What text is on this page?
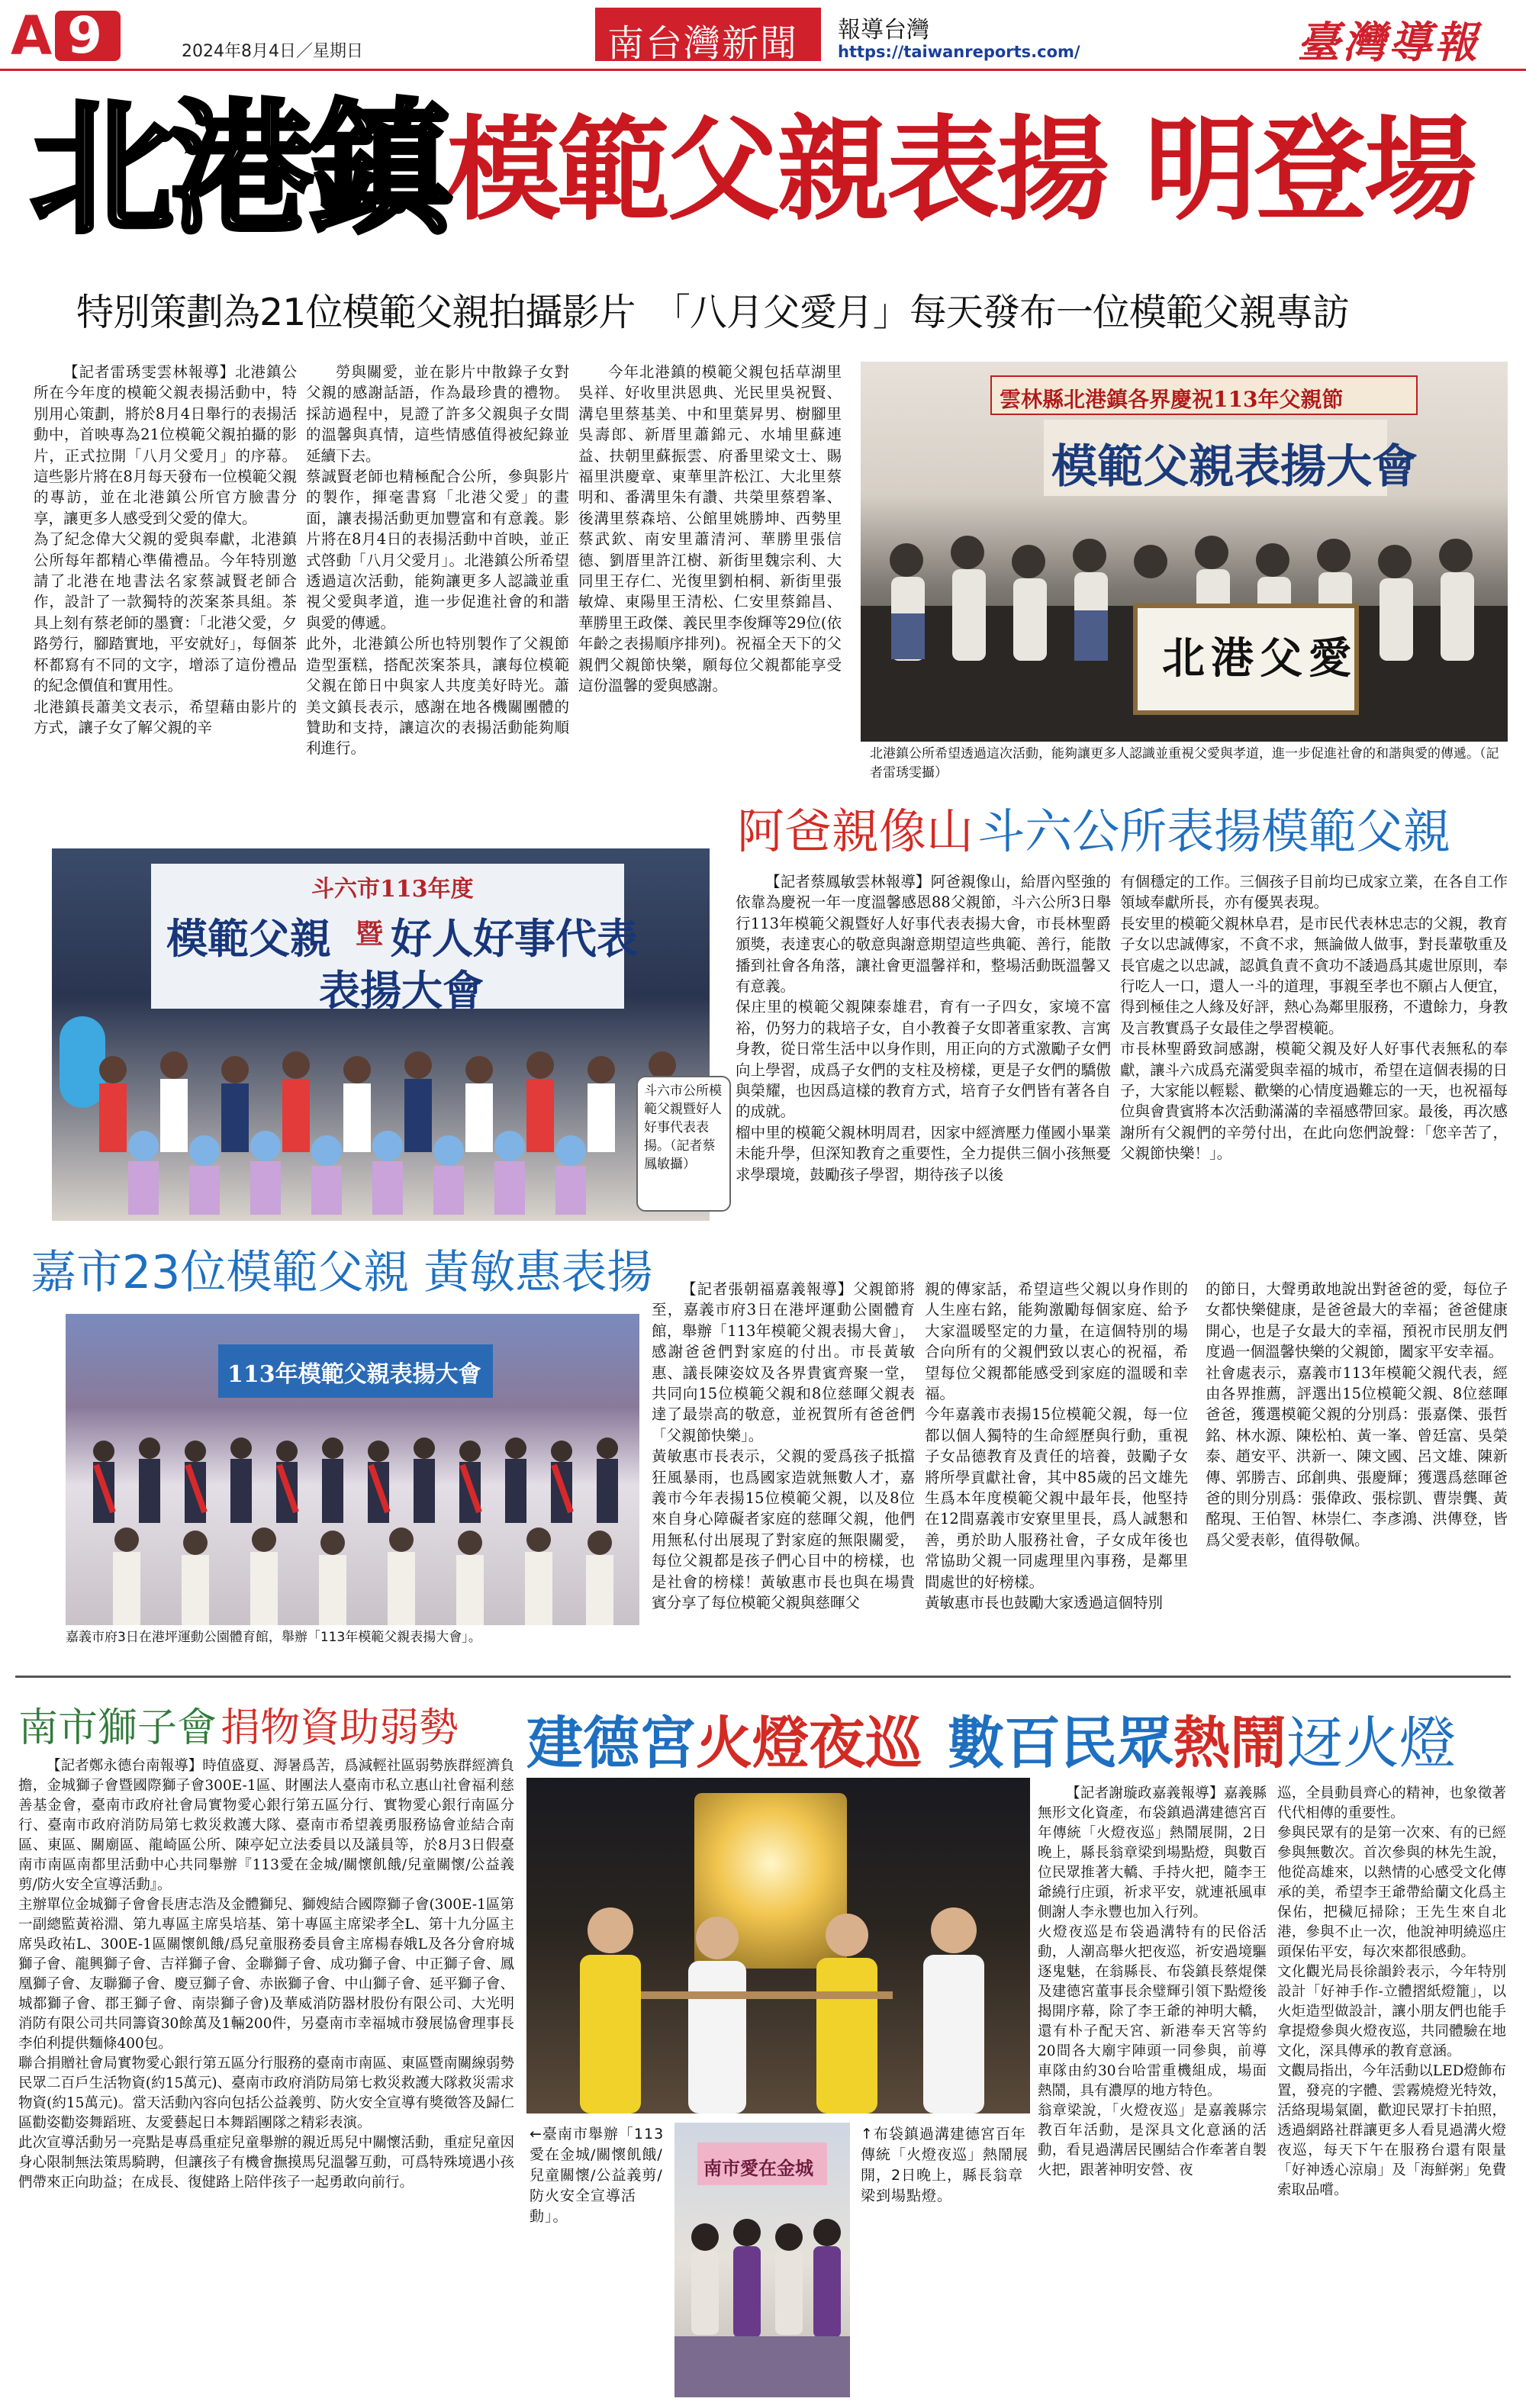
A 9	2024年8月4日／星期日	南台灣新聞 報導台灣
https://taiwanreports.com/	臺灣導報
北港鎮模範父親表揚 明登場
特別策劃為21位模範父親拍攝影片　「八月父愛月」每天發布一位模範父親專訪
【記者雷琇雯雲林報導】北港鎮公所在今年度的模範父親表揚活動中，特別用心策劃，將於8月4日舉行的表揚活動中，首映專為21位模範父親拍攝的影片，正式拉開「八月父愛月」的序幕。這些影片將在8月每天發布一位模範父親的專訪，並在北港鎮公所官方臉書分享，讓更多人感受到父愛的偉大。
為了紀念偉大父親的愛與奉獻，北港鎮公所每年都精心準備禮品。今年特別邀請了北港在地書法名家蔡誠賢老師合作，設計了一款獨特的茨案茶具組。茶具上刻有蔡老師的墨寶：「北港父愛，夕路勞行，腳踏實地，平安就好」，每個茶杯都寫有不同的文字，增添了這份禮品的紀念價值和實用性。
北港鎮長蕭美文表示，希望藉由影片的方式，讓子女了解父親的辛
勞與關愛，並在影片中散錄子女對父親的感謝話語，作為最珍貴的禮物。採訪過程中，見證了許多父親與子女間的溫馨與真情，這些情感值得被紀錄並延續下去。
蔡誠賢老師也精極配合公所，參與影片的製作，揮毫書寫「北港父愛」的畫面，讓表揚活動更加豐富和有意義。影片將在8月4日的表揚活動中首映，並正式啓動「八月父愛月」。北港鎮公所希望透過這次活動，能夠讓更多人認識並重視父愛與孝道，進一步促進社會的和諧與愛的傳遞。
此外，北港鎮公所也特別製作了父親節造型蛋糕，搭配茨案茶具，讓每位模範父親在節日中與家人共度美好時光。蕭美文鎮長表示，感謝在地各機關團體的贊助和支持，讓這次的表揚活動能夠順利進行。
今年北港鎮的模範父親包括草湖里吳祥、好收里洪恩典、光民里吳祝賢、溝皂里蔡基美、中和里葉昇男、樹腳里吳壽郎、新厝里蕭錦元、水埔里蘇連益、扶朝里蘇振雲、府番里梁文士、賜福里洪慶章、東華里許松江、大北里蔡明和、番溝里朱有讚、共榮里蔡碧峯、後溝里蔡森培、公館里姚勝坤、西勢里蔡武欽、南安里蕭清河、華勝里張信德、劉厝里許江樹、新街里魏宗利、大同里王存仁、光復里劉柏桐、新街里張敏煒、東陽里王清松、仁安里蔡錦昌、華勝里王政傑、義民里李俊輝等29位(依年齡之表揚順序排列)。祝福全天下的父親們父親節快樂，願每位父親都能享受這份溫馨的愛與感謝。
雲林縣北港鎮各界慶祝113年父親節
模範父親表揚大會
北港父愛
北港鎮公所希望透過這次活動，能夠讓更多人認識並重視父愛與孝道，進一步促進社會的和諧與愛的傳遞。（記者雷琇雯攝）
阿爸親像山 斗六公所表揚模範父親
斗六市113年度
模範父親 暨 好人好事代表
表揚大會
斗六市公所模範父親暨好人好事代表表揚。（記者蔡鳳敏攝）
【記者蔡鳳敏雲林報導】阿爸親像山，給厝內堅強的依靠為慶祝一年一度溫馨感恩88父親節，斗六公所3日舉行113年模範父親暨好人好事代表表揚大會，市長林聖爵頒獎，表達衷心的敬意與謝意期望這些典範、善行，能散播到社會各角落，讓社會更溫馨祥和，整場活動既溫馨又有意義。
保庄里的模範父親陳泰雄君，育有一子四女，家境不富裕，仍努力的栽培子女，自小教養子女即著重家教、言寓身教，從日常生活中以身作則，用正向的方式激勵子女們向上學習，成爲子女們的支柱及榜樣，更是子女們的驕傲與榮耀，也因爲這樣的教育方式，培育子女們皆有著各自的成就。
榴中里的模範父親林明周君，因家中經濟壓力僅國小畢業未能升學，但深知教育之重要性，全力提供三個小孩無憂求學環境，鼓勵孩子學習，期待孩子以後
有個穩定的工作。三個孩子目前均已成家立業，在各自工作領域奉獻所長，亦有優異表現。
長安里的模範父親林阜君，是市民代表林忠志的父親，教育子女以忠誠傳家，不貪不求，無論做人做事，對長輩敬重及長官處之以忠誠，認眞負責不貪功不諉過爲其處世原則，奉行吃人一口，還人一斗的道理，事親至孝也不願占人便宜，得到極佳之人緣及好評，熱心為鄰里服務，不遺餘力，身教及言教實爲子女最佳之學習模範。
市長林聖爵致詞感謝，模範父親及好人好事代表無私的奉獻，讓斗六成爲充滿愛與幸福的城市，希望在這個表揚的日子，大家能以輕鬆、歡樂的心情度過難忘的一天，也祝福每位與會貴賓將本次活動滿滿的幸福感帶回家。最後，再次感謝所有父親們的辛勞付出，在此向您們說聲：「您辛苦了，父親節快樂！」。
嘉市23位模範父親 黃敏惠表揚
113年模範父親表揚大會
嘉義市府3日在港坪運動公園體育館，舉辦「113年模範父親表揚大會」。
【記者張朝福嘉義報導】父親節將至，嘉義市府3日在港坪運動公園體育館，舉辦「113年模範父親表揚大會」，感謝爸爸們對家庭的付出。市長黃敏惠、議長陳姿妏及各界貴賓齊聚一堂，共同向15位模範父親和8位慈暉父親表達了最崇高的敬意，並祝賀所有爸爸們「父親節快樂」。
黃敏惠市長表示，父親的愛爲孩子抵擋狂風暴雨，也爲國家造就無數人才，嘉義市今年表揚15位模範父親，以及8位來自身心障礙者家庭的慈暉父親，他們用無私付出展現了對家庭的無限關愛，每位父親都是孩子們心目中的榜樣，也是社會的榜樣！黃敏惠市長也與在場貴賓分享了每位模範父親與慈暉父
親的傳家話，希望這些父親以身作則的人生座右銘，能夠激勵每個家庭、給予大家溫暖堅定的力量，在這個特別的場合向所有的父親們致以衷心的祝福，希望每位父親都能感受到家庭的溫暖和幸福。
今年嘉義市表揚15位模範父親，每一位都以個人獨特的生命經歷與行動，重視子女品德教育及責任的培養，鼓勵子女將所學貢獻社會，其中85歲的呂文雄先生爲本年度模範父親中最年長，他堅持在12間嘉義市安寮里里長，爲人誠懇和善，勇於助人服務社會，子女成年後也常協助父親一同處理里內事務，是鄰里間處世的好榜樣。
黃敏惠市長也鼓勵大家透過這個特別
的節日，大聲勇敢地說出對爸爸的愛，每位子女都快樂健康，是爸爸最大的幸福；爸爸健康開心，也是子女最大的幸福，預祝市民朋友們度過一個溫馨快樂的父親節，闔家平安幸福。
社會處表示，嘉義市113年模範父親代表，經由各界推薦，評選出15位模範父親、8位慈暉爸爸，獲選模範父親的分別爲：張嘉傑、張哲銘、林水源、陳松柏、黃一峯、曾廷富、吳榮泰、趙安平、洪新一、陳文國、呂文雄、陳新傳、郭勝吉、邱創典、張慶輝；獲選爲慈暉爸爸的則分別爲：張偉政、張棕凱、曹崇龔、黃酩現、王伯智、林崇仁、李彥鴻、洪傳登，皆爲父愛表彰，值得敬佩。
南市獅子會 捐物資助弱勢
【記者鄭永德台南報導】時值盛夏、溽暑爲苦，爲減輕社區弱勢族群經濟負擔，金城獅子會暨國際獅子會300E-1區、財團法人臺南市私立惠山社會福利慈善基金會，臺南市政府社會局實物愛心銀行第五區分行、實物愛心銀行南區分行、臺南市政府消防局第七救災救護大隊、臺南市希望義勇服務協會並結合南區、東區、關廟區、龍崎區公所、陳亭妃立法委員以及議員等，於8月3日假臺南市南區南都里活動中心共同舉辦『113愛在金城/關懷飢餓/兒童關懷/公益義剪/防火安全宣導活動』。
主辦單位金城獅子會會長唐志浩及金體獅兒、獅嫂結合國際獅子會(300E-1區第一副總監黃裕淵、第九專區主席吳培基、第十專區主席梁孝全L、第十九分區主席吳政祐L、300E-1區關懷飢餓/爲兒童服務委員會主席楊春娥L及各分會府城獅子會、龍興獅子會、吉祥獅子會、金聯獅子會、成功獅子會、中正獅子會、鳳凰獅子會、友聯獅子會、慶豆獅子會、赤嵌獅子會、中山獅子會、延平獅子會、城都獅子會、郡王獅子會、南崇獅子會)及華威消防器材股份有限公司、大光明消防有限公司共同籌資30餘萬及1輛200件，另臺南市幸福城市發展協會理事長李伯利提供麵條400包。
聯合捐贈社會局實物愛心銀行第五區分行服務的臺南市南區、東區暨南關線弱勢民眾二百戶生活物資(約15萬元)、臺南市政府消防局第七救災救護大隊救災需求物資(約15萬元)。當天活動內容向包括公益義剪、防火安全宣導有獎徵答及歸仁區勸姿勸姿舞蹈班、友愛藝起日本舞蹈團隊之精彩表演。
此次宣導活動另一亮點是專爲重症兒童舉辦的親近馬兒中關懷活動，重症兒童因身心限制無法策馬騎聘，但讓孩子有機會撫摸馬兒溫馨互動，可爲特殊境遇小孩們帶來正向助益；在成長、復健路上陪伴孩子一起勇敢向前行。
建德宮火燈夜巡 數百民眾熱鬧迓火燈
南市愛在金城
←臺南市舉辦「113愛在金城/關懷飢餓/兒童關懷/公益義剪/防火安全宣導活動」。
↑布袋鎮過溝建德宮百年傳統「火燈夜巡」熱鬧展開，2日晚上，縣長翁章梁到場點燈。
【記者謝璇政嘉義報導】嘉義縣無形文化資產，布袋鎮過溝建德宮百年傳統「火燈夜巡」熱鬧展開，2日晚上，縣長翁章梁到場點燈，與數百位民眾推著大轎、手持火把，隨李王爺繞行庄頭，祈求平安，就連祇風車側謝人李永豐也加入行列。
火燈夜巡是布袋過溝特有的民俗活動，人潮高舉火把夜巡，祈安過境驅逐鬼魅，在翁縣長、布袋鎮長蔡焜傑及建德宮董事長余璧輝引領下點燈後揭開序幕，除了李王爺的神明大轎，還有朴子配天宮、新港奉天宮等約20間各大廟宇陣頭一同參與，前導車隊由約30台哈雷重機組成，場面熱鬧，具有濃厚的地方特色。
翁章梁說，「火燈夜巡」是嘉義縣宗教百年活動，是深具文化意涵的活動，看見過溝居民團結合作牽著自製火把，跟著神明安營、夜
巡，全員動員齊心的精神，也象徵著代代相傳的重要性。
參與民眾有的是第一次來、有的已經參與無數次。首次參與的林先生說，他從高雄來，以熱情的心感受文化傳承的美，希望李王爺帶給蘭文化爲主保佑，把穢厄掃除；王先生來自北港，參與不止一次，他說神明繞巡庄頭保佑平安，每次來都很感動。
文化觀光局長徐韻鈴表示，今年特別設計「好神手作-立體摺紙燈籠」，以火炬造型做設計，讓小朋友們也能手拿提燈參與火燈夜巡，共同體驗在地文化，深具傳承的教育意涵。
文觀局指出，今年活動以LED燈飾布置，發亮的字體、雲霧燒燈光特效，活絡現場氣圍，歡迎民眾打卡拍照，透過網路社群讓更多人看見過溝火燈夜巡，每天下午在服務台還有限量「好神透心涼扇」及「海鮮粥」免費索取品嚐。
